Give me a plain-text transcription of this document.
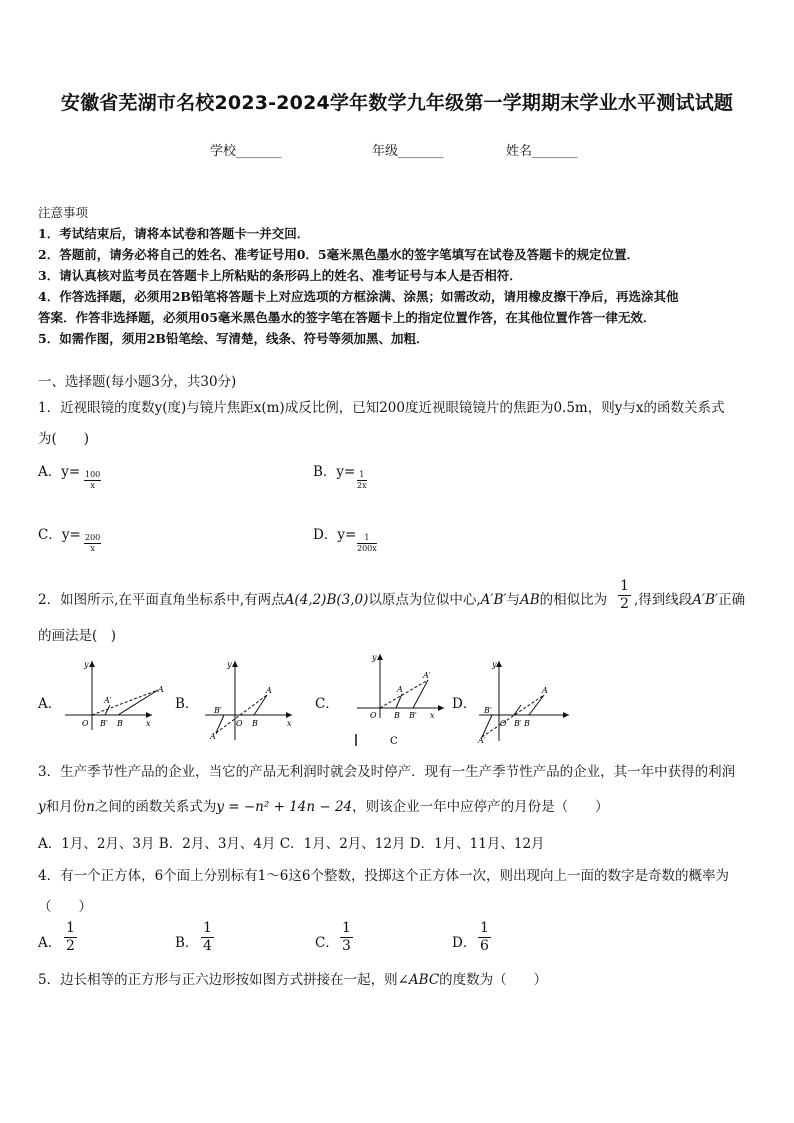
安徽省芜湖市名校2023-2024学年数学九年级第一学期期末学业水平测试试题
学校_______	年级_______	姓名_______
注意事项
1．考试结束后，请将本试卷和答题卡一并交回．
2．答题前，请务必将自己的姓名、准考证号用0．5毫米黑色墨水的签字笔填写在试卷及答题卡的规定位置．
3．请认真核对监考员在答题卡上所粘贴的条形码上的姓名、准考证号与本人是否相符．
4．作答选择题，必须用2B铅笔将答题卡上对应选项的方框涂满、涂黑；如需改动，请用橡皮擦干净后，再选涂其他
答案．作答非选择题，必须用05毫米黑色墨水的签字笔在答题卡上的指定位置作答，在其他位置作答一律无效．
5．如需作图，须用2B铅笔绘、写清楚，线条、符号等须加黑、加粗．
一、选择题(每小题3分，共30分)
1．近视眼镜的度数y(度)与镜片焦距x(m)成反比例，已知200度近视眼镜镜片的焦距为0.5m，则y与x的函数关系式
为(　　)
A．$y= \frac{100}{x}$	B．$y= \frac{1}{2x}$
C．$y= \frac{200}{x}$	D．$y= \frac{1}{200x}$
2．如图所示,在平面直角坐标系中,有两点A(4,2)B(3,0)以原点为位似中心,A′B′与AB的相似比为 $\frac{1}{2}$ ,得到线段A′B′正确
的画法是(　)
A．	B．	C．	D．
x
y
O
A
A′
B′ B	x
y
O
A
A′
B′
B
x
y
O
A′
A
B B′
C
y
O
A
A′
B′
B
B′
3．生产季节性产品的企业，当它的产品无利润时就会及时停产．现有一生产季节性产品的企业，其一年中获得的利润
y和月份n之间的函数关系式为y = −n² + 14n − 24，则该企业一年中应停产的月份是（　　）
A．1月、2月、3月 B．2月、3月、4月 C．1月、2月、12月 D．1月、11月、12月
4．有一个正方体，6个面上分别标有1～6这6个整数，投掷这个正方体一次，则出现向上一面的数字是奇数的概率为
（　　）
A． $\frac{1}{2}$	B． $\frac{1}{4}$	C． $\frac{1}{3}$	D． $\frac{1}{6}$
5．边长相等的正方形与正六边形按如图方式拼接在一起，则∠ABC的度数为（　　）
